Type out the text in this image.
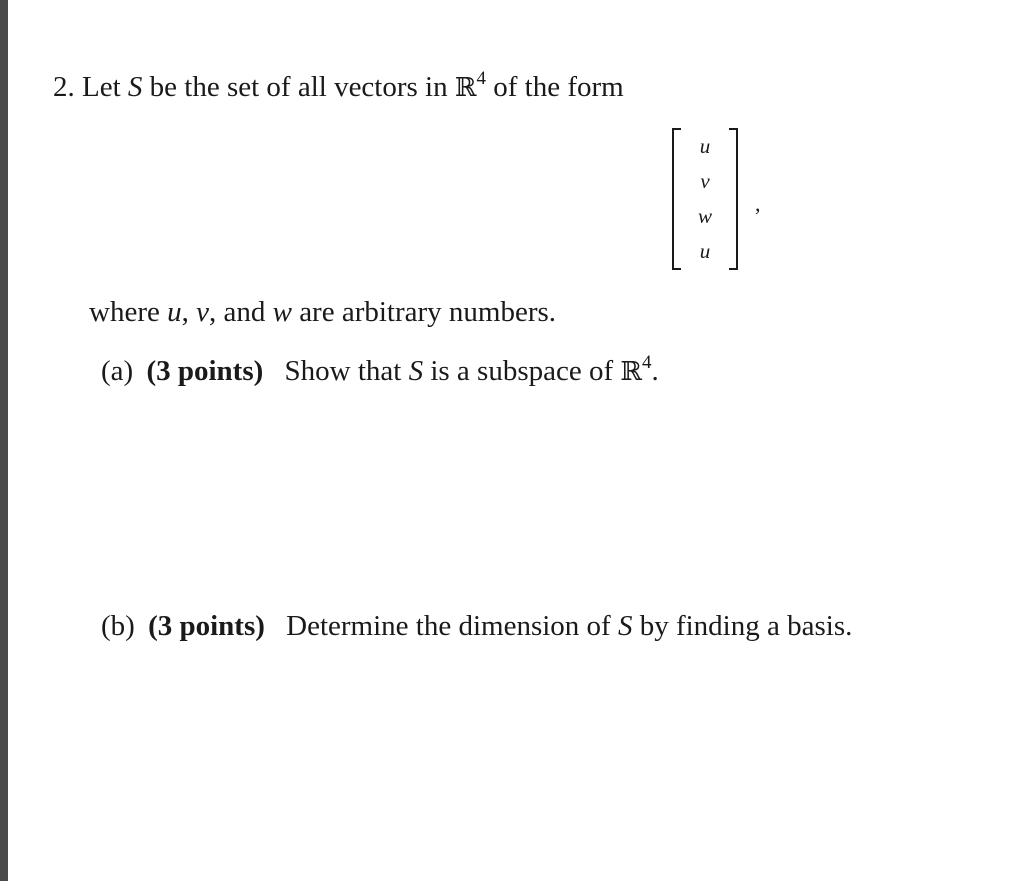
2. Let S be the set of all vectors in ℝ$^4$ of the form
u
v
w
u
,
where u, v, and w are arbitrary numbers.
(a) (3 points) Show that S is a subspace of ℝ$^4$.
(b) (3 points) Determine the dimension of S by finding a basis.
